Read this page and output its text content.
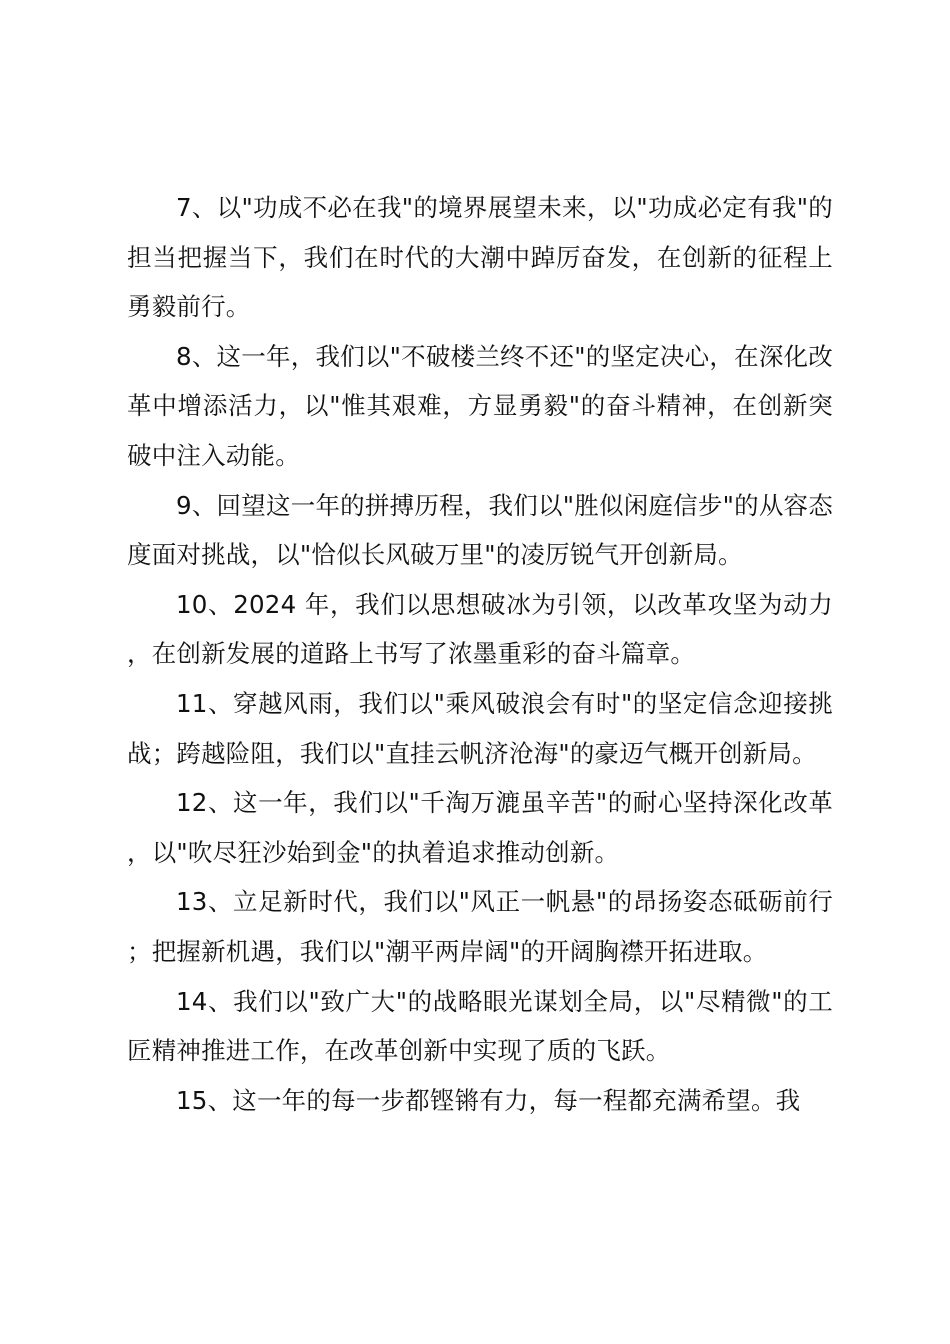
7、以"功成不必在我"的境界展望未来，以"功成必定有我"的担当把握当下，我们在时代的大潮中踔厉奋发，在创新的征程上勇毅前行。

8、这一年，我们以"不破楼兰终不还"的坚定决心，在深化改革中增添活力，以"惟其艰难，方显勇毅"的奋斗精神，在创新突破中注入动能。

9、回望这一年的拼搏历程，我们以"胜似闲庭信步"的从容态度面对挑战，以"恰似长风破万里"的凌厉锐气开创新局。

10、2024 年，我们以思想破冰为引领，以改革攻坚为动力，在创新发展的道路上书写了浓墨重彩的奋斗篇章。

11、穿越风雨，我们以"乘风破浪会有时"的坚定信念迎接挑战；跨越险阻，我们以"直挂云帆济沧海"的豪迈气概开创新局。

12、这一年，我们以"千淘万漉虽辛苦"的耐心坚持深化改革，以"吹尽狂沙始到金"的执着追求推动创新。

13、立足新时代，我们以"风正一帆悬"的昂扬姿态砥砺前行；把握新机遇，我们以"潮平两岸阔"的开阔胸襟开拓进取。

14、我们以"致广大"的战略眼光谋划全局，以"尽精微"的工匠精神推进工作，在改革创新中实现了质的飞跃。

15、这一年的每一步都铿锵有力，每一程都充满希望。我
